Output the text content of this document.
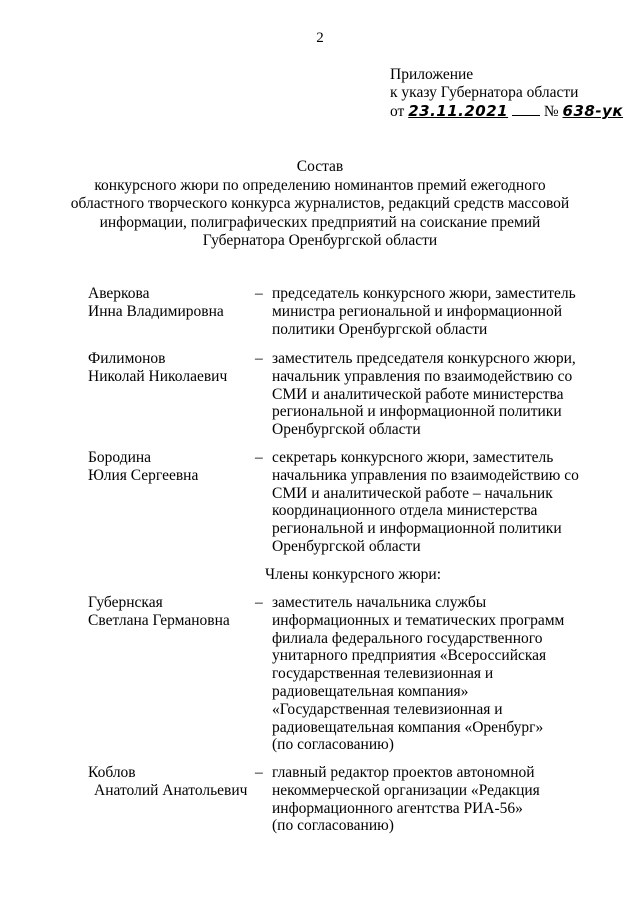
2
Приложение
к указу Губернатора области
от 23.11.2021 № 638-ук
Состав
конкурсного жюри по определению номинантов премий ежегодного
областного творческого конкурса журналистов, редакций средств массовой
информации, полиграфических предприятий на соискание премий
Губернатора Оренбургской области
Аверкова
Инна Владимировна
– председатель конкурсного жюри, заместитель
министра региональной и информационной
политики Оренбургской области
Филимонов
Николай Николаевич
– заместитель председателя конкурсного жюри,
начальник управления по взаимодействию со
СМИ и аналитической работе министерства
региональной и информационной политики
Оренбургской области
Бородина
Юлия Сергеевна
– секретарь конкурсного жюри, заместитель
начальника управления по взаимодействию со
СМИ и аналитической работе – начальник
координационного отдела министерства
региональной и информационной политики
Оренбургской области
Члены конкурсного жюри:
Губернская
Светлана Германовна
– заместитель начальника службы
информационных и тематических программ
филиала федерального государственного
унитарного предприятия «Всероссийская
государственная телевизионная и
радиовещательная компания»
«Государственная телевизионная и
радиовещательная компания «Оренбург»
(по согласованию)
Коблов
Анатолий Анатольевич
– главный редактор проектов автономной
некоммерческой организации «Редакция
информационного агентства РИА-56»
(по согласованию)
